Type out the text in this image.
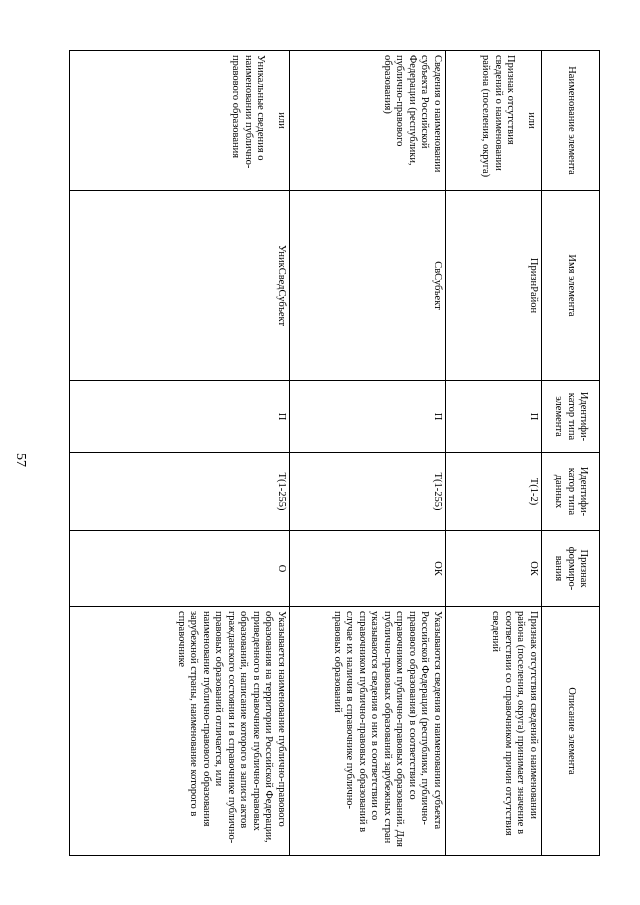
57
Наименование элемента	Имя элемента	Идентифи- катор типа элемента	Идентифи- катор типа данных	Признак формиро- вания	Описание элемента

или
Признак отсутствия сведений о наименовании района (поселения, округа)	ПризнРайон	П	T(1-2)	ОК	Признак отсутствия сведений о наименовании района (поселения, округа) принимает значение в соответствии со справочником причин отсутствия сведений
Сведения о наименовании субъекта Российской Федерации (республики, публично-правового образования)	СвСубъект	П	T(1-255)	ОК	Указываются сведения о наименовании субъекта Российской Федерации (республики, публично-правового образования) в соответствии со справочником публично-правовых образований. Для публично-правовых образований зарубежных стран указываются сведения о них в соответствии со справочником публично-правовых образований в случае их наличия в справочнике публично-правовых образований

или
Уникальные сведения о наименовании публично-правового образования	УникСведСубъект	П	T(1-255)	О	Указывается наименование публично-правового образования на территории Российской Федерации, приведенного в справочнике публично-правовых образований, написание которого в записи актов гражданского состояния и в справочнике публично-правовых образований отличается, или наименование публично-правового образования зарубежной страны, наименование которого в справочнике
